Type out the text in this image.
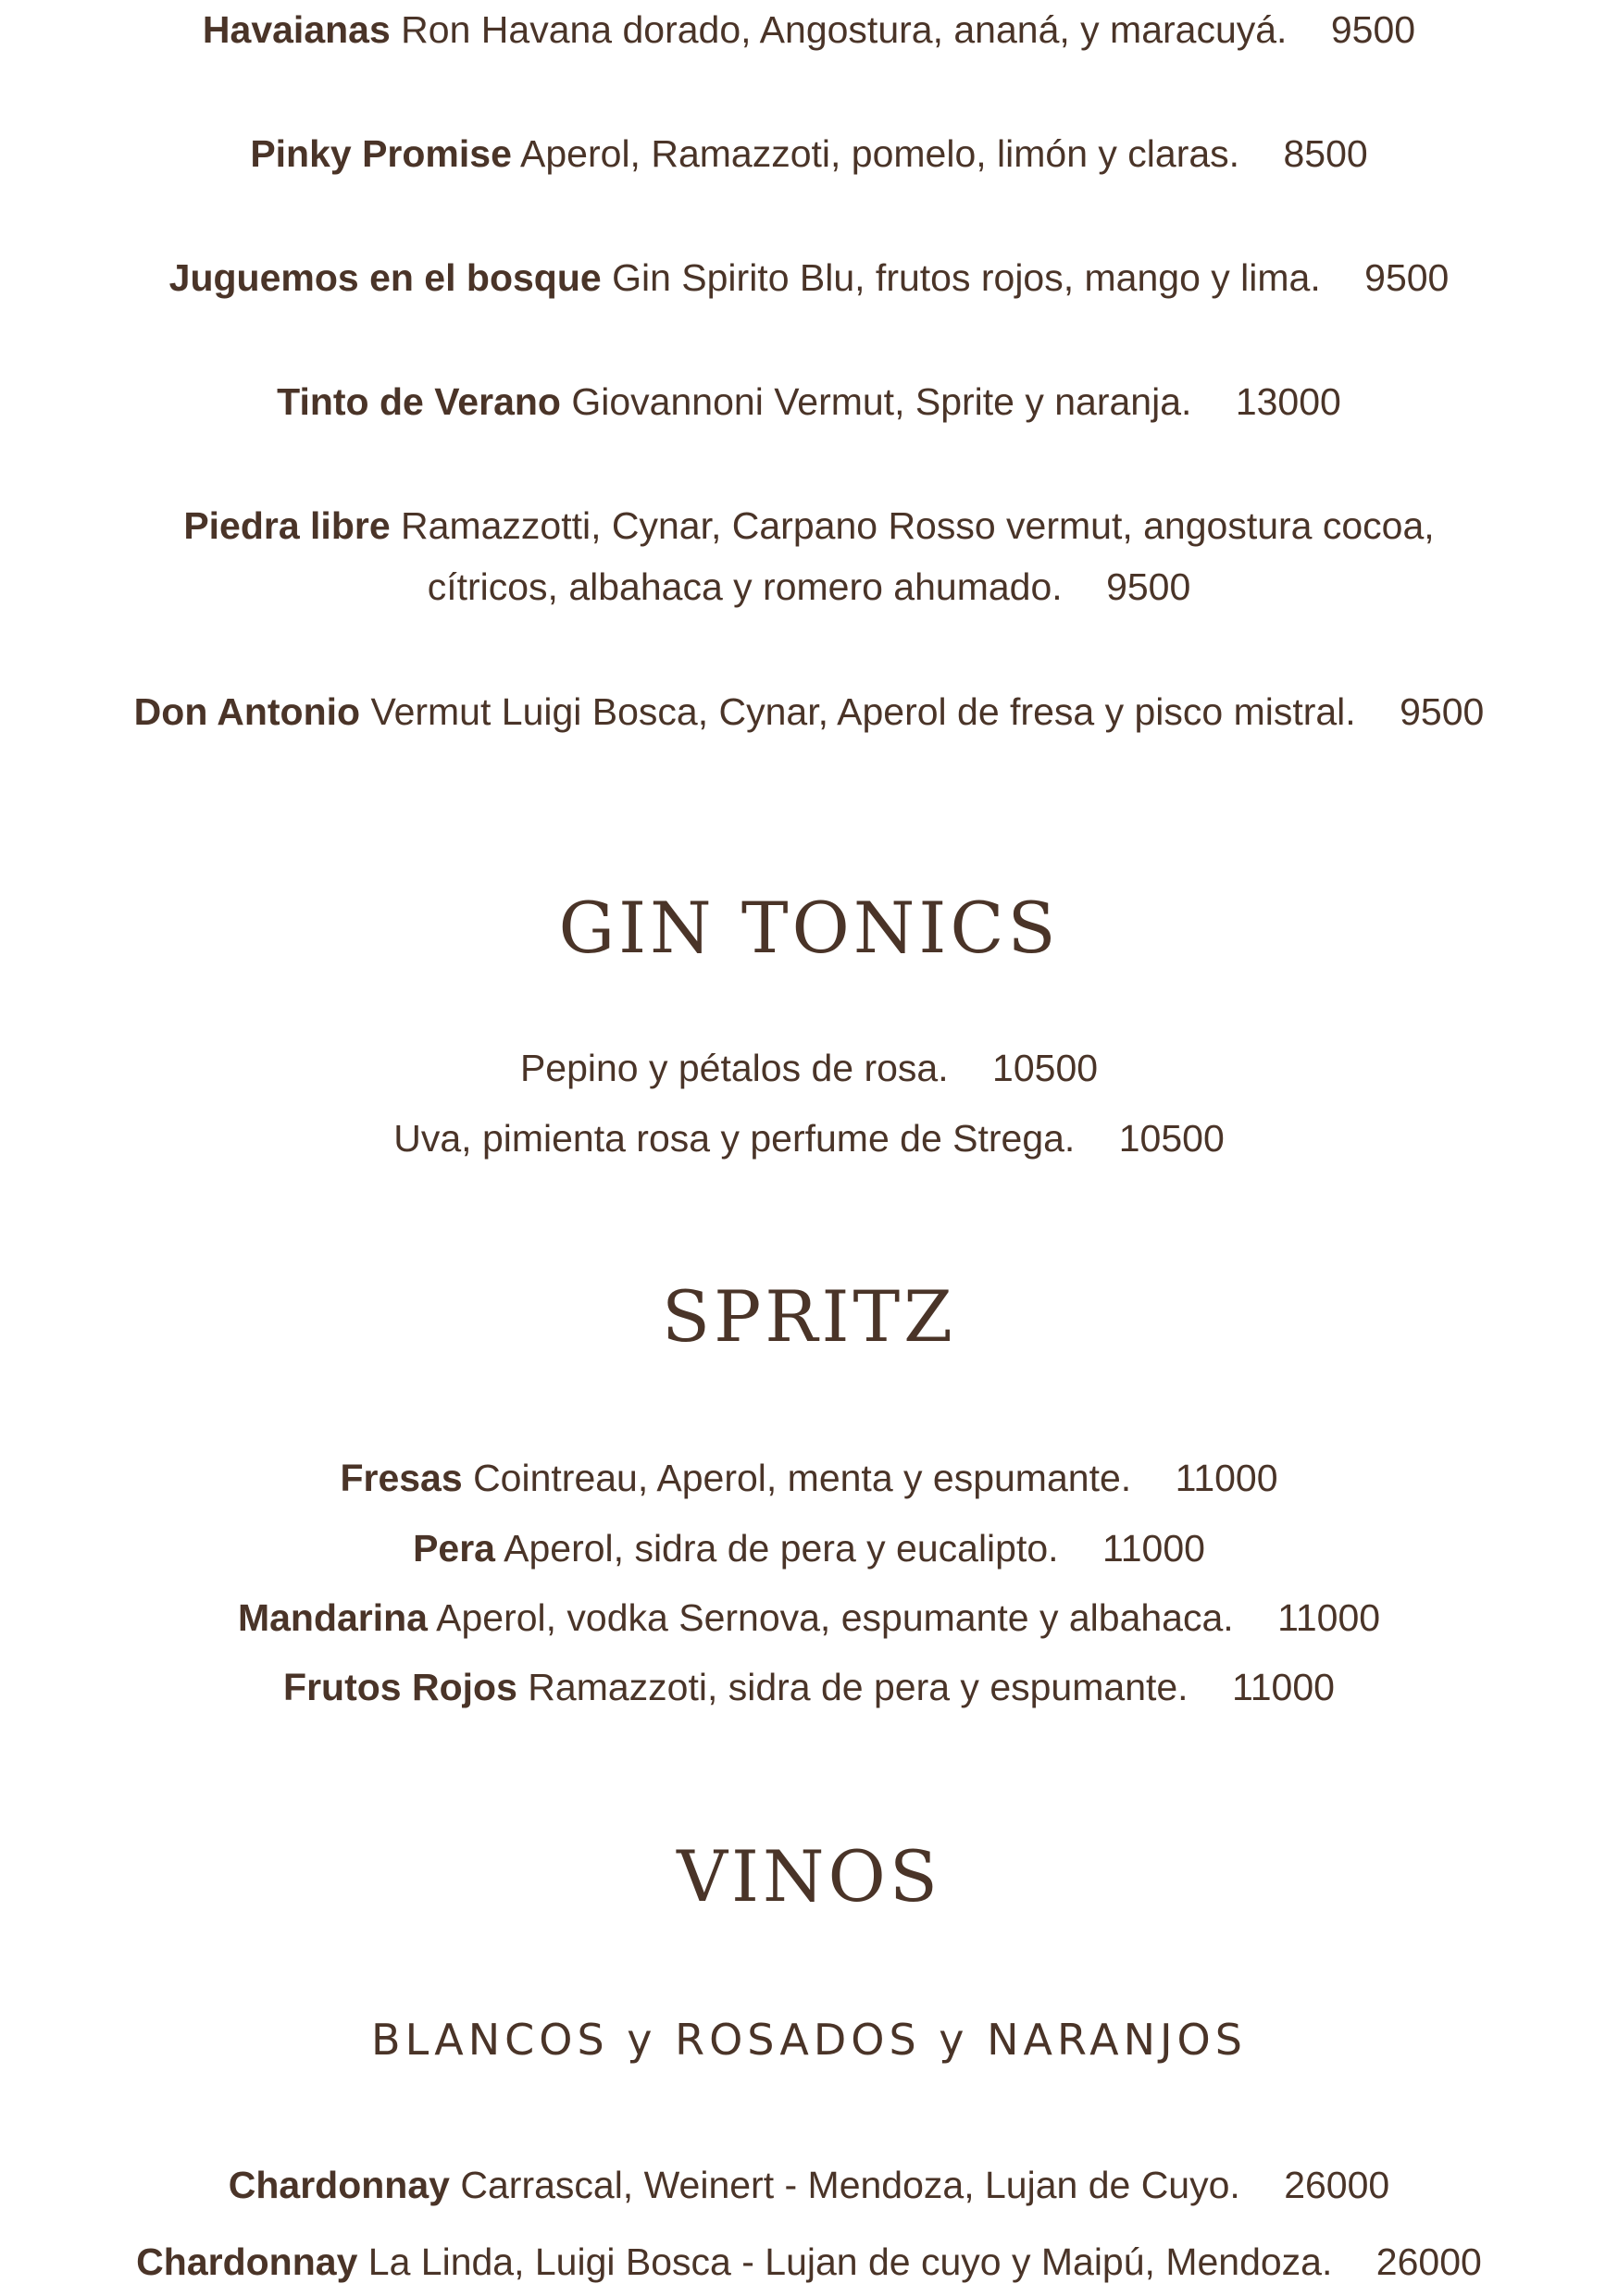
Havaianas Ron Havana dorado, Angostura, ananá, y maracuyá. 9500
Pinky Promise Aperol, Ramazzoti, pomelo, limón y claras. 8500
Juguemos en el bosque Gin Spirito Blu, frutos rojos, mango y lima. 9500
Tinto de Verano Giovannoni Vermut, Sprite y naranja. 13000
Piedra libre Ramazzotti, Cynar, Carpano Rosso vermut, angostura cocoa,
cítricos, albahaca y romero ahumado. 9500
Don Antonio Vermut Luigi Bosca, Cynar, Aperol de fresa y pisco mistral. 9500
GIN TONICS
Pepino y pétalos de rosa. 10500
Uva, pimienta rosa y perfume de Strega. 10500
SPRITZ
Fresas Cointreau, Aperol, menta y espumante. 11000
Pera Aperol, sidra de pera y eucalipto. 11000
Mandarina Aperol, vodka Sernova, espumante y albahaca. 11000
Frutos Rojos Ramazzoti, sidra de pera y espumante. 11000
VINOS
BLANCOS y ROSADOS y NARANJOS
Chardonnay Carrascal, Weinert - Mendoza, Lujan de Cuyo. 26000
Chardonnay La Linda, Luigi Bosca - Lujan de cuyo y Maipú, Mendoza. 26000
